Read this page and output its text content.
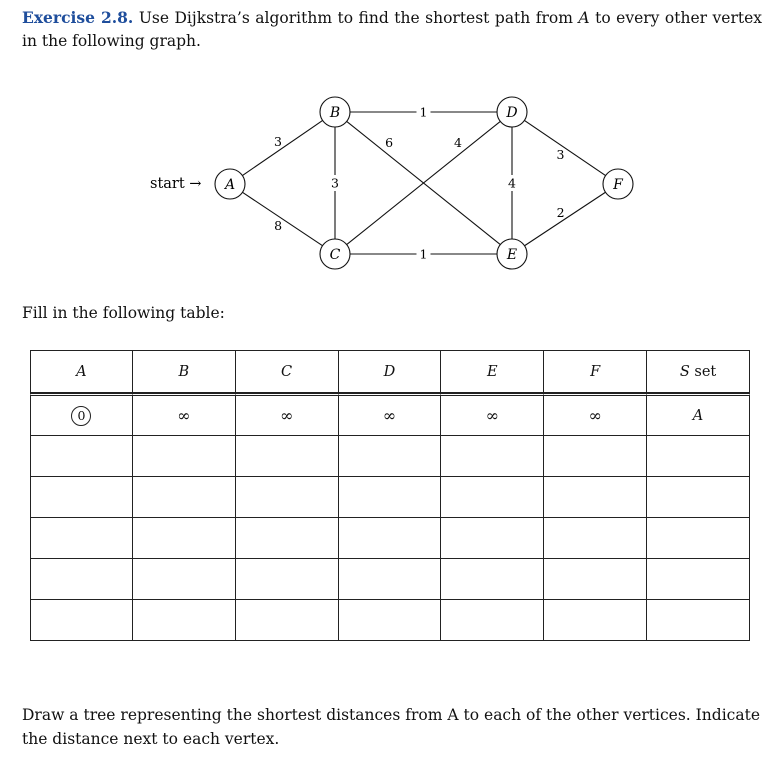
Exercise 2.8. Use Dijkstra’s algorithm to find the shortest path from A to every other vertex in the following graph.

3
8
1
3
6	4
1
4
3
2
A
B
C
D
E
F
start →

Fill in the following table:

A	B	C	D	E	F	S set
0	∞	∞	∞	∞	∞	A

Draw a tree representing the shortest distances from A to each of the other vertices. Indicate the distance next to each vertex.
